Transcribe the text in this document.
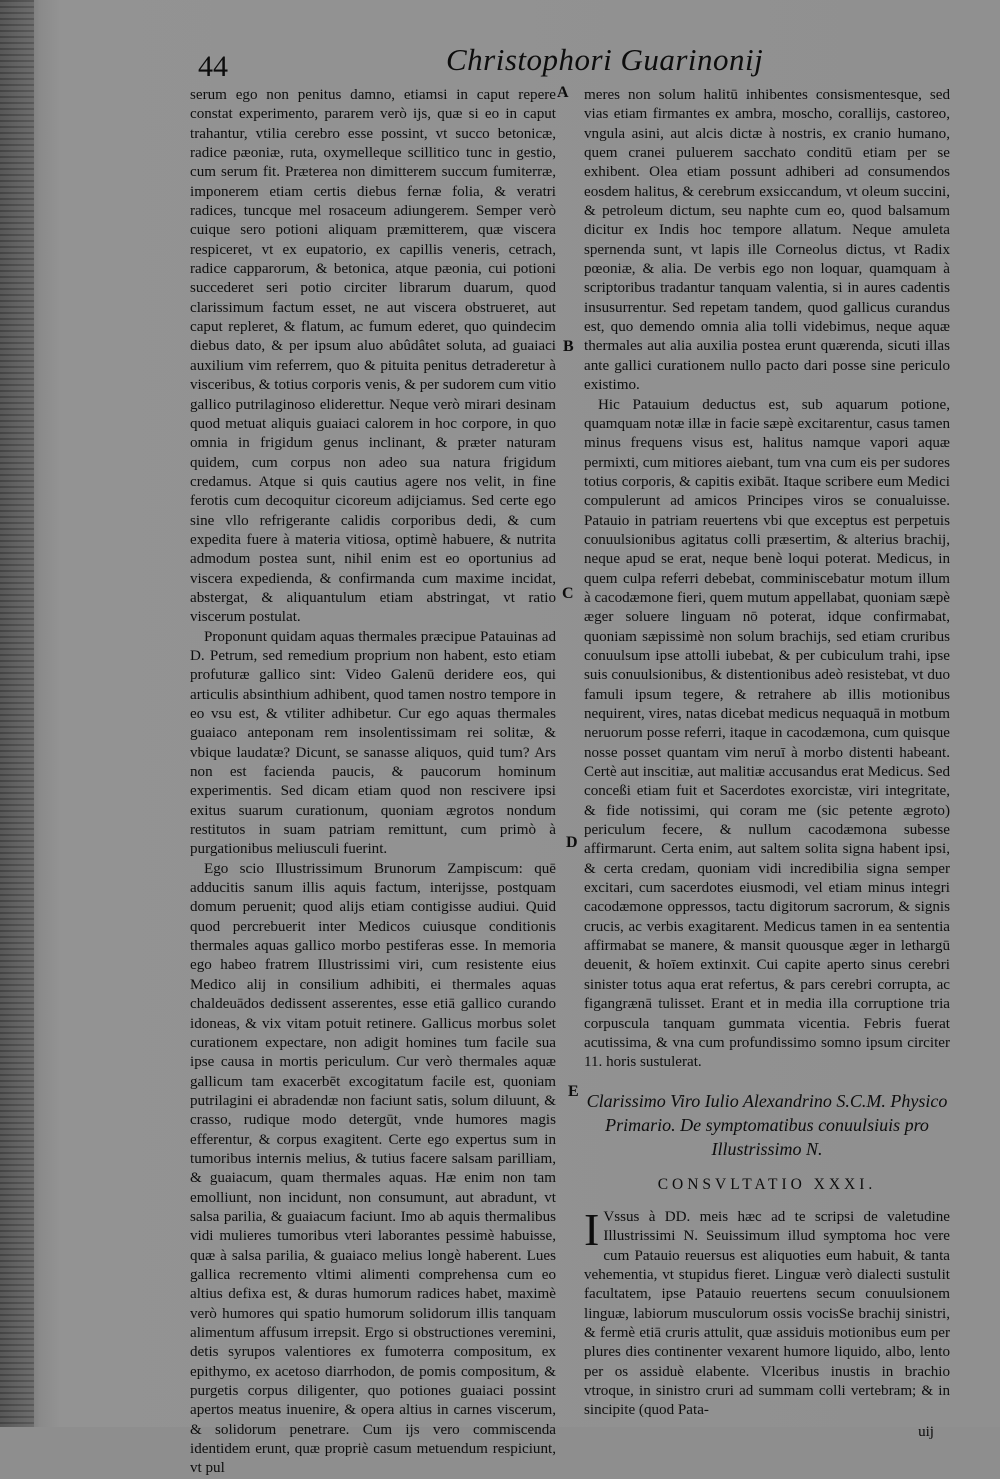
44	Christophori Guarinonij

serum ego non penitus damno, etiamsi in caput repere constat experimento, pararem verò ijs, quæ si eo in caput trahantur, vtilia cerebro esse possint, vt succo betonicæ, radice pæoniæ, ruta, oxymelleque scillitico tunc in gestio, cum serum fit. Præterea non dimitterem succum fumiterræ, imponerem etiam certis diebus fernæ folia, & veratri radices, tuncque mel rosaceum adiungerem. Semper verò cuique sero potioni aliquam præmitterem, quæ viscera respiceret, vt ex eupatorio, ex capillis veneris, cetrach, radice capparorum, & betonica, atque pæonia, cui potioni succederet seri potio circiter librarum duarum, quod clarissimum factum esset, ne aut viscera obstrueret, aut caput repleret, & flatum, ac fumum ederet, quo quindecim diebus dato, & per ipsum aluo abûdâtet soluta, ad guaiaci auxilium vim referrem, quo & pituita penitus detraderetur à visceribus, & totius corporis venis, & per sudorem cum vitio gallico putrilaginoso eliderettur. Neque verò mirari desinam quod metuat aliquis guaiaci calorem in hoc corpore, in quo omnia in frigidum genus inclinant, & præter naturam quidem, cum corpus non adeo sua natura frigidum credamus. Atque si quis cautius agere nos velit, in fine ferotis cum decoquitur cicoreum adijciamus. Sed certe ego sine vllo refrigerante calidis corporibus dedi, & cum expedita fuere à materia vitiosa, optimè habuere, & nutrita admodum postea sunt, nihil enim est eo oportunius ad viscera expedienda, & confirmanda cum maxime incidat, abstergat, & aliquantulum etiam abstringat, vt ratio viscerum postulat.

Proponunt quidam aquas thermales præcipue Patauinas ad D. Petrum, sed remedium proprium non habent, esto etiam profuturæ gallico sint: Video Galenū deridere eos, qui articulis absinthium adhibent, quod tamen nostro tempore in eo vsu est, & vtiliter adhibetur. Cur ego aquas thermales guaiaco anteponam rem insolentissimam rei solitæ, & vbique laudatæ? Dicunt, se sanasse aliquos, quid tum? Ars non est facienda paucis, & paucorum hominum experimentis. Sed dicam etiam quod non rescivere ipsi exitus suarum curationum, quoniam ægrotos nondum restitutos in suam patriam remittunt, cum primò à purgationibus meliusculi fuerint.

Ego scio Illustrissimum Brunorum Zampiscum: quē adducitis sanum illis aquis factum, interijsse, postquam domum peruenit; quod alijs etiam contigisse audiui. Quid quod percrebuerit inter Medicos cuiusque conditionis thermales aquas gallico morbo pestiferas esse. In memoria ego habeo fratrem Illustrissimi viri, cum resistente eius Medico alij in consilium adhibiti, ei thermales aquas chaldeuādos dedissent asserentes, esse etiā gallico curando idoneas, & vix vitam potuit retinere. Gallicus morbus solet curationem expectare, non adigit homines tum facile sua ipse causa in mortis periculum. Cur verò thermales aquæ gallicum tam exacerbēt excogitatum facile est, quoniam putrilagini ei abradendæ non faciunt satis, solum diluunt, & crasso, rudique modo detergūt, vnde humores magis efferentur, & corpus exagitent. Certe ego expertus sum in tumoribus internis melius, & tutius facere salsam parilliam, & guaiacum, quam thermales aquas. Hæ enim non tam emolliunt, non incidunt, non consumunt, aut abradunt, vt salsa parilia, & guaiacum faciunt. Imo ab aquis thermalibus vidi mulieres tumoribus vteri laborantes pessimè habuisse, quæ à salsa parilia, & guaiaco melius longè haberent. Lues gallica recremento vltimi alimenti comprehensa cum eo altius defixa est, & duras humorum radices habet, maximè verò humores qui spatio humorum solidorum illis tanquam alimentum affusum irrepsit. Ergo si obstructiones veremini, detis syrupos valentiores ex fumoterra compositum, ex epithymo, ex acetoso diarrhodon, de pomis compositum, & purgetis corpus diligenter, quo potiones guaiaci possint apertos meatus inuenire, & opera altius in carnes viscerum, & solidorum penetrare. Cum ijs vero commiscenda identidem erunt, quæ propriè casum metuendum respiciunt, vt pul

A
B
C
D
E

meres non solum halitū inhibentes consismentesque, sed vias etiam firmantes ex ambra, moscho, corallijs, castoreo, vngula asini, aut alcis dictæ à nostris, ex cranio humano, quem cranei puluerem sacchato conditū etiam per se exhibent. Olea etiam possunt adhiberi ad consumendos eosdem halitus, & cerebrum exsiccandum, vt oleum succini, & petroleum dictum, seu naphte cum eo, quod balsamum dicitur ex Indis hoc tempore allatum. Neque amuleta spernenda sunt, vt lapis ille Corneolus dictus, vt Radix pœoniæ, & alia. De verbis ego non loquar, quamquam à scriptoribus tradantur tanquam valentia, si in aures cadentis insusurrentur. Sed repetam tandem, quod gallicus curandus est, quo demendo omnia alia tolli videbimus, neque aquæ thermales aut alia auxilia postea erunt quærenda, sicuti illas ante gallici curationem nullo pacto dari posse sine periculo existimo.

Hic Patauium deductus est, sub aquarum potione, quamquam notæ illæ in facie sæpè excitarentur, casus tamen minus frequens visus est, halitus namque vapori aquæ permixti, cum mitiores aiebant, tum vna cum eis per sudores totius corporis, & capitis exibāt. Itaque scribere eum Medici compulerunt ad amicos Principes viros se conualuisse. Patauio in patriam reuertens vbi que exceptus est perpetuis conuulsionibus agitatus colli præsertim, & alterius brachij, neque apud se erat, neque benè loqui poterat. Medicus, in quem culpa referri debebat, comminiscebatur motum illum à cacodæmone fieri, quem mutum appellabat, quoniam sæpè æger soluere linguam nō poterat, idque confirmabat, quoniam sæpissimè non solum brachijs, sed etiam cruribus conuulsum ipse attolli iubebat, & per cubiculum trahi, ipse suis conuulsionibus, & distentionibus adeò resistebat, vt duo famuli ipsum tegere, & retrahere ab illis motionibus nequirent, vires, natas dicebat medicus nequaquā in motbum neruorum posse referri, itaque in cacodæmona, cum quisque nosse posset quantam vim neruī à morbo distenti habeant. Certè aut inscitiæ, aut malitiæ accusandus erat Medicus. Sed conceßi etiam fuit et Sacerdotes exorcistæ, viri integritate, & fide notissimi, qui coram me (sic petente ægroto) periculum fecere, & nullum cacodæmona subesse affirmarunt. Certa enim, aut saltem solita signa habent ipsi, & certa credam, quoniam vidi incredibilia signa semper excitari, cum sacerdotes eiusmodi, vel etiam minus integri cacodæmone oppressos, tactu digitorum sacrorum, & signis crucis, ac verbis exagitarent. Medicus tamen in ea sententia affirmabat se manere, & mansit quousque æger in lethargū deuenit, & hoīem extinxit. Cui capite aperto sinus cerebri sinister totus aqua erat refertus, & pars cerebri corrupta, ac figangrænā tulisset. Erant et in media illa corruptione tria corpuscula tanquam gummata vicentia. Febris fuerat acutissima, & vna cum profundissimo somno ipsum circiter 11. horis sustulerat.

Clarissimo Viro Iulio Alexandrino S.C.M. Physico Primario. De symptomatibus conuulsiuis pro Illustrissimo N.
CONSVLTATIO XXXI.

I Vssus à DD. meis hæc ad te scripsi de valetudine Illustrissimi N. Seuissimum illud symptoma hoc vere cum Patauio reuersus est aliquoties eum habuit, & tanta vehementia, vt stupidus fieret. Linguæ verò dialecti sustulit facultatem, ipse Patauio reuertens secum conuulsionem linguæ, labiorum musculorum ossis vocisSe brachij sinistri, & fermè etiā cruris attulit, quæ assiduis motionibus eum per plures dies continenter vexarent humore liquido, albo, lento per os assiduè elabente. Vlceribus inustis in brachio vtroque, in sinistro cruri ad summam colli vertebram; & in sincipite (quod Pata-

uij
